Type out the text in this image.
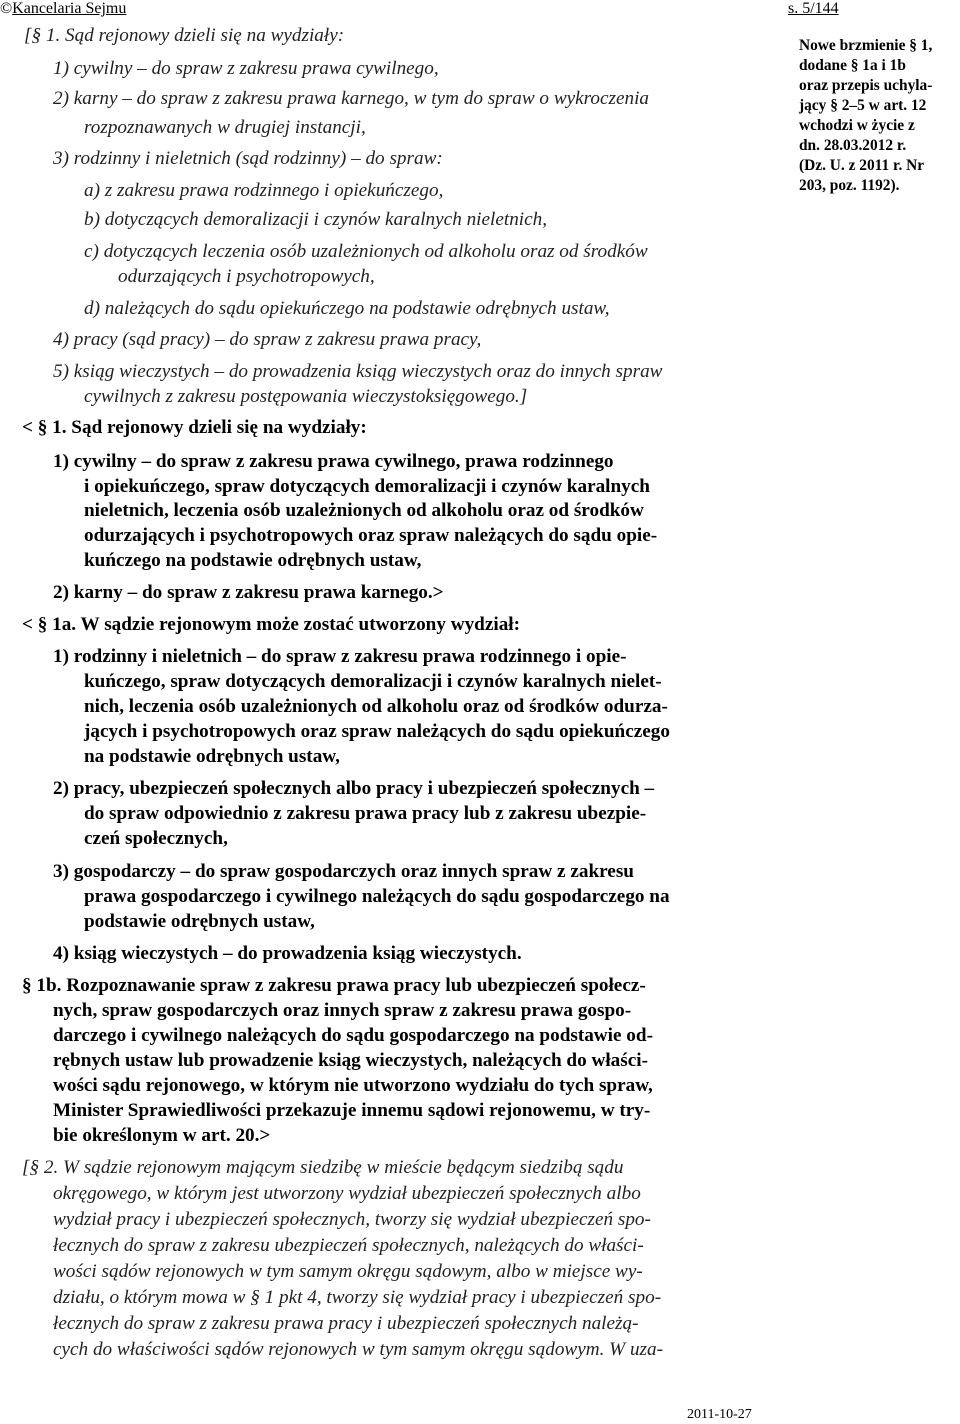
©Kancelaria Sejmu	s. 5/144
Nowe brzmienie § 1,
dodane § 1a i 1b
oraz przepis uchyla-
jący § 2–5 w art. 12
wchodzi w życie z
dn. 28.03.2012 r.
(Dz. U. z 2011 r. Nr
203, poz. 1192).
[§ 1. Sąd rejonowy dzieli się na wydziały:
1) cywilny – do spraw z zakresu prawa cywilnego,
2) karny – do spraw z zakresu prawa karnego, w tym do spraw o wykroczenia
rozpoznawanych w drugiej instancji,
3) rodzinny i nieletnich (sąd rodzinny) – do spraw:
a) z zakresu prawa rodzinnego i opiekuńczego,
b) dotyczących demoralizacji i czynów karalnych nieletnich,
c) dotyczących leczenia osób uzależnionych od alkoholu oraz od środków
odurzających i psychotropowych,
d) należących do sądu opiekuńczego na podstawie odrębnych ustaw,
4) pracy (sąd pracy) – do spraw z zakresu prawa pracy,
5) ksiąg wieczystych – do prowadzenia ksiąg wieczystych oraz do innych spraw
cywilnych z zakresu postępowania wieczystoksięgowego.]
< § 1. Sąd rejonowy dzieli się na wydziały:
1) cywilny – do spraw z zakresu prawa cywilnego, prawa rodzinnego
i opiekuńczego, spraw dotyczących demoralizacji i czynów karalnych
nieletnich, leczenia osób uzależnionych od alkoholu oraz od środków
odurzających i psychotropowych oraz spraw należących do sądu opie-
kuńczego na podstawie odrębnych ustaw,
2) karny – do spraw z zakresu prawa karnego.>
< § 1a. W sądzie rejonowym może zostać utworzony wydział:
1) rodzinny i nieletnich – do spraw z zakresu prawa rodzinnego i opie-
kuńczego, spraw dotyczących demoralizacji i czynów karalnych nielet-
nich, leczenia osób uzależnionych od alkoholu oraz od środków odurza-
jących i psychotropowych oraz spraw należących do sądu opiekuńczego
na podstawie odrębnych ustaw,
2) pracy, ubezpieczeń społecznych albo pracy i ubezpieczeń społecznych –
do spraw odpowiednio z zakresu prawa pracy lub z zakresu ubezpie-
czeń społecznych,
3) gospodarczy – do spraw gospodarczych oraz innych spraw z zakresu
prawa gospodarczego i cywilnego należących do sądu gospodarczego na
podstawie odrębnych ustaw,
4) ksiąg wieczystych – do prowadzenia ksiąg wieczystych.
§ 1b. Rozpoznawanie spraw z zakresu prawa pracy lub ubezpieczeń społecz-
nych, spraw gospodarczych oraz innych spraw z zakresu prawa gospo-
darczego i cywilnego należących do sądu gospodarczego na podstawie od-
rębnych ustaw lub prowadzenie ksiąg wieczystych, należących do właści-
wości sądu rejonowego, w którym nie utworzono wydziału do tych spraw,
Minister Sprawiedliwości przekazuje innemu sądowi rejonowemu, w try-
bie określonym w art. 20.>
[§ 2. W sądzie rejonowym mającym siedzibę w mieście będącym siedzibą sądu
okręgowego, w którym jest utworzony wydział ubezpieczeń społecznych albo
wydział pracy i ubezpieczeń społecznych, tworzy się wydział ubezpieczeń spo-
łecznych do spraw z zakresu ubezpieczeń społecznych, należących do właści-
wości sądów rejonowych w tym samym okręgu sądowym, albo w miejsce wy-
działu, o którym mowa w § 1 pkt 4, tworzy się wydział pracy i ubezpieczeń spo-
łecznych do spraw z zakresu prawa pracy i ubezpieczeń społecznych należą-
cych do właściwości sądów rejonowych w tym samym okręgu sądowym. W uza-
2011-10-27
